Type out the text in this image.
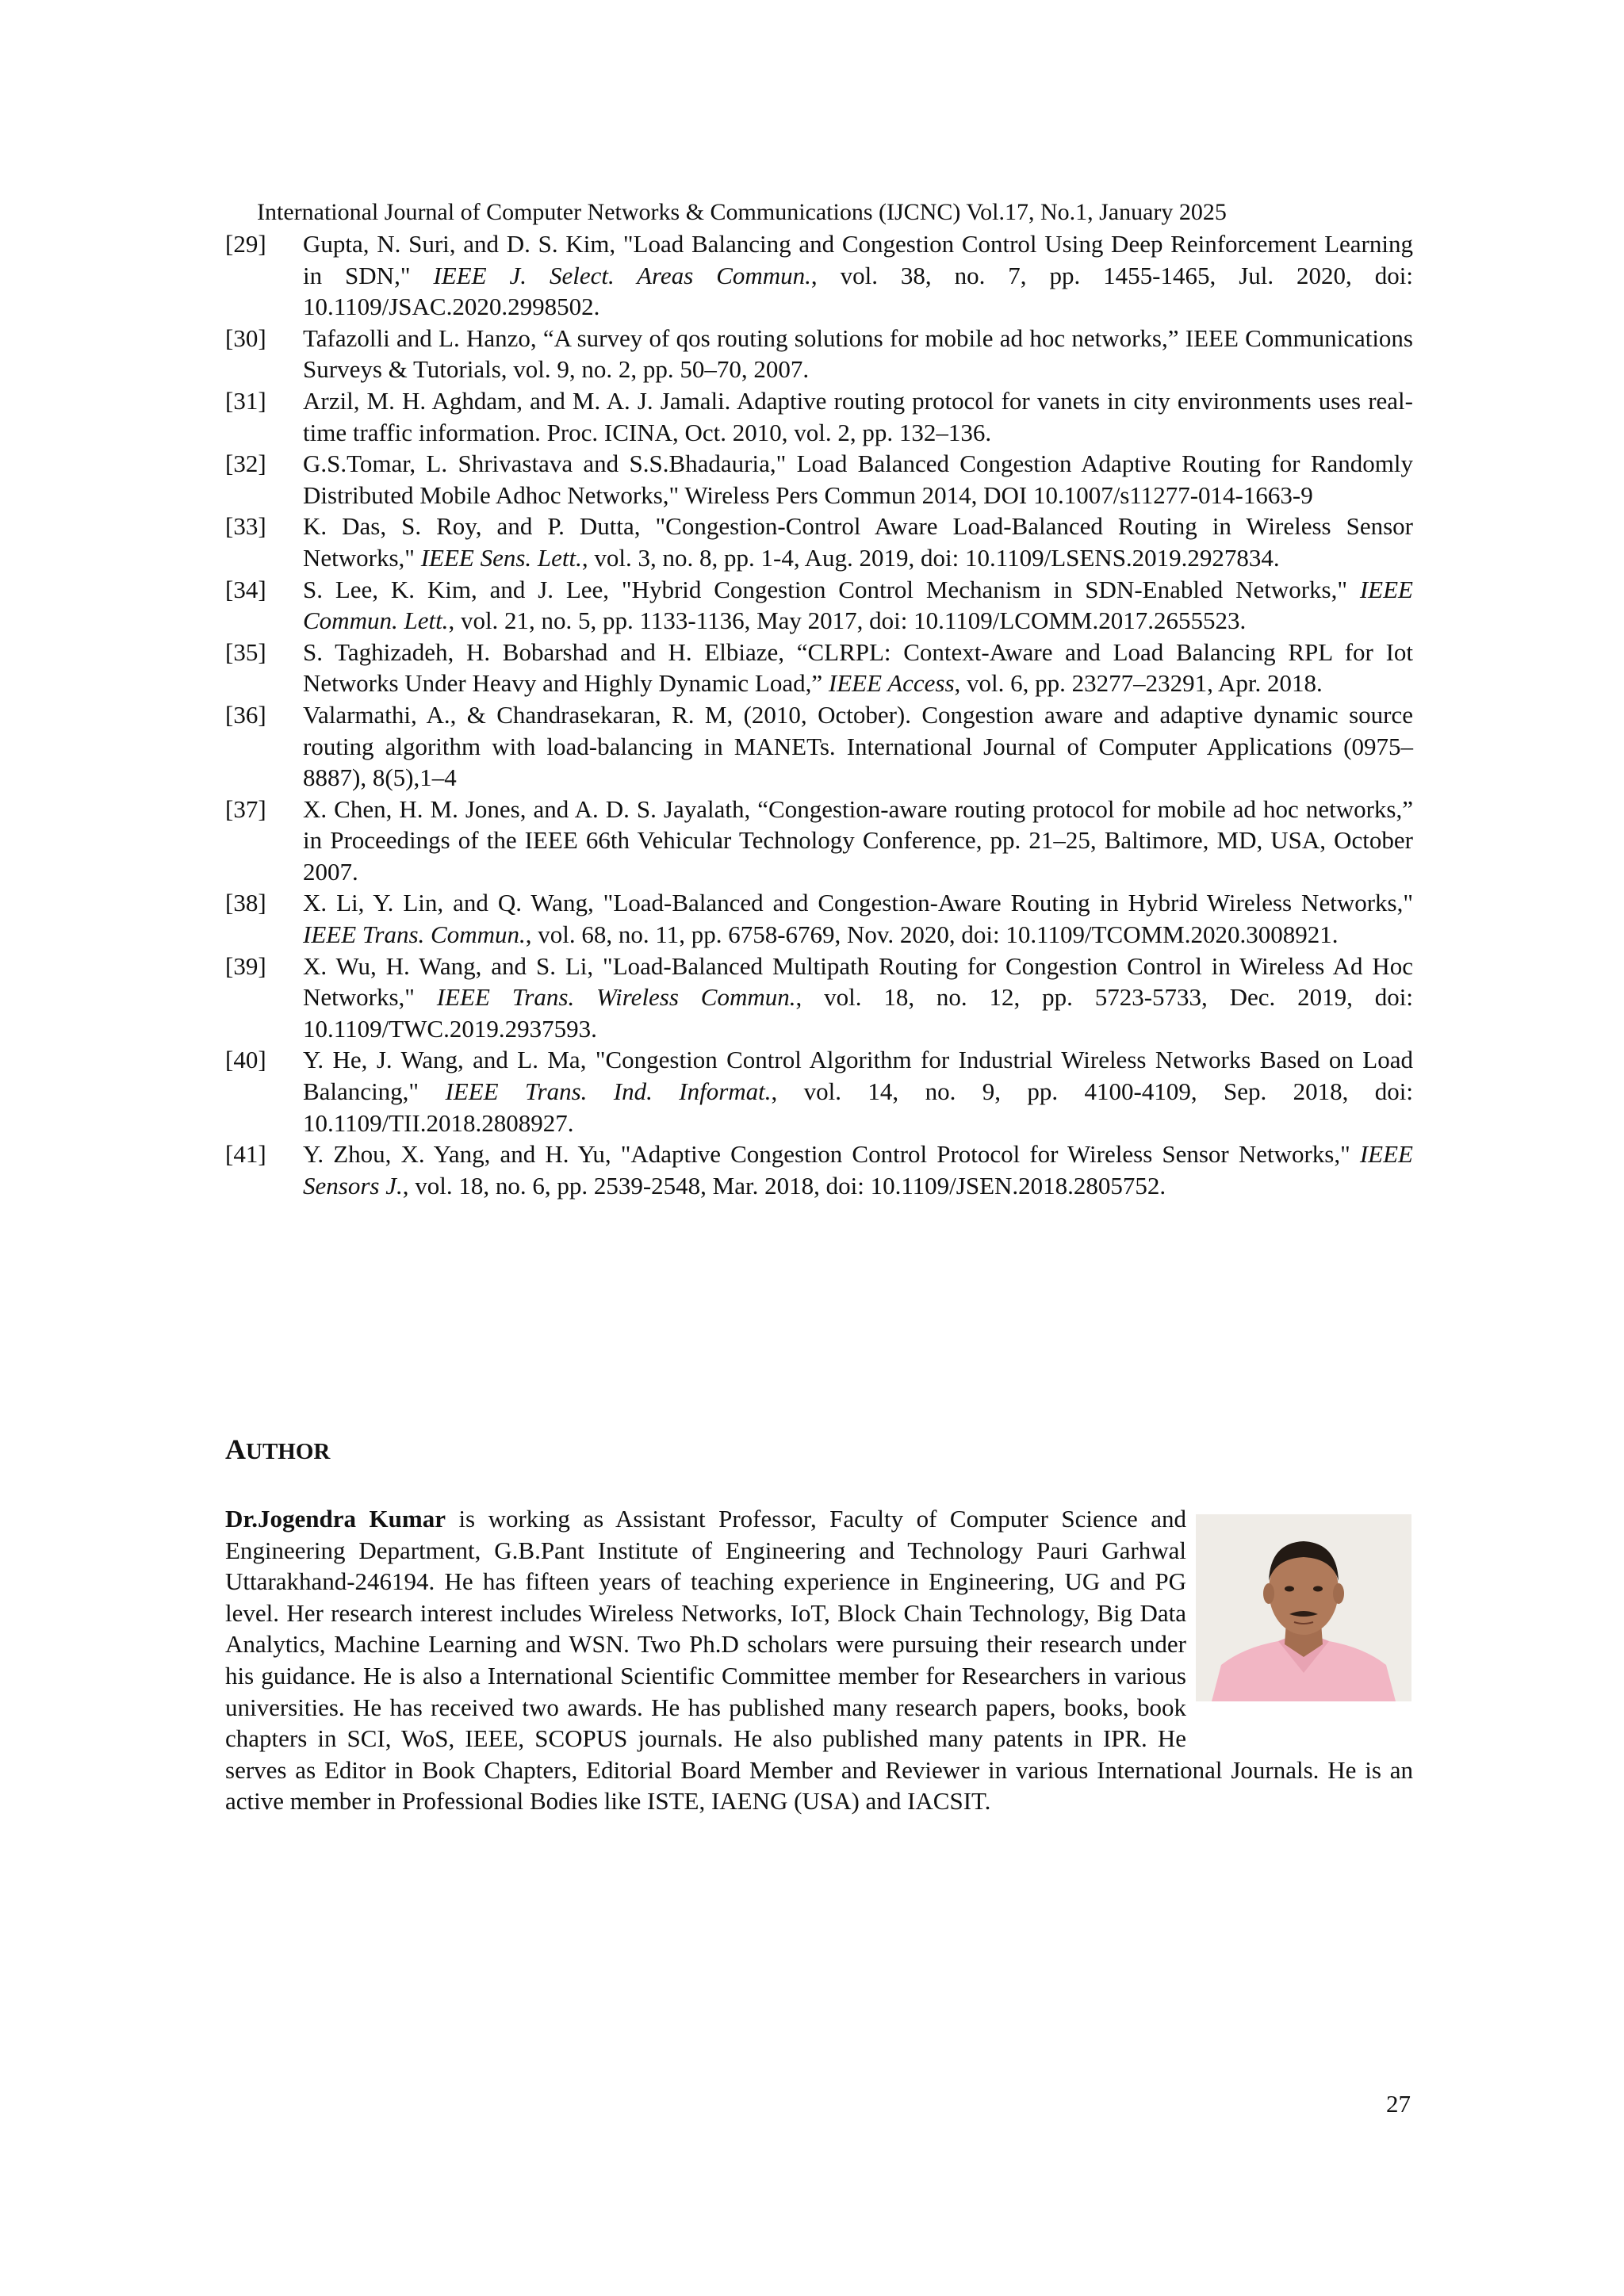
International Journal of Computer Networks & Communications (IJCNC) Vol.17, No.1, January 2025
[29] Gupta, N. Suri, and D. S. Kim, "Load Balancing and Congestion Control Using Deep Reinforcement Learning in SDN," IEEE J. Select. Areas Commun., vol. 38, no. 7, pp. 1455-1465, Jul. 2020, doi: 10.1109/JSAC.2020.2998502.
[30] Tafazolli and L. Hanzo, “A survey of qos routing solutions for mobile ad hoc networks,” IEEE Communications Surveys & Tutorials, vol. 9, no. 2, pp. 50–70, 2007.
[31] Arzil, M. H. Aghdam, and M. A. J. Jamali. Adaptive routing protocol for vanets in city environments uses real-time traffic information. Proc. ICINA, Oct. 2010, vol. 2, pp. 132–136.
[32] G.S.Tomar, L. Shrivastava and S.S.Bhadauria," Load Balanced Congestion Adaptive Routing for Randomly Distributed Mobile Adhoc Networks," Wireless Pers Commun 2014, DOI 10.1007/s11277-014-1663-9
[33] K. Das, S. Roy, and P. Dutta, "Congestion-Control Aware Load-Balanced Routing in Wireless Sensor Networks," IEEE Sens. Lett., vol. 3, no. 8, pp. 1-4, Aug. 2019, doi: 10.1109/LSENS.2019.2927834.
[34] S. Lee, K. Kim, and J. Lee, "Hybrid Congestion Control Mechanism in SDN-Enabled Networks," IEEE Commun. Lett., vol. 21, no. 5, pp. 1133-1136, May 2017, doi: 10.1109/LCOMM.2017.2655523.
[35] S. Taghizadeh, H. Bobarshad and H. Elbiaze, “CLRPL: Context-Aware and Load Balancing RPL for Iot Networks Under Heavy and Highly Dynamic Load,” IEEE Access, vol. 6, pp. 23277–23291, Apr. 2018.
[36] Valarmathi, A., & Chandrasekaran, R. M, (2010, October). Congestion aware and adaptive dynamic source routing algorithm with load-balancing in MANETs. International Journal of Computer Applications (0975–8887), 8(5),1–4
[37] X. Chen, H. M. Jones, and A. D. S. Jayalath, “Congestion-aware routing protocol for mobile ad hoc networks,” in Proceedings of the IEEE 66th Vehicular Technology Conference, pp. 21–25, Baltimore, MD, USA, October 2007.
[38] X. Li, Y. Lin, and Q. Wang, "Load-Balanced and Congestion-Aware Routing in Hybrid Wireless Networks," IEEE Trans. Commun., vol. 68, no. 11, pp. 6758-6769, Nov. 2020, doi: 10.1109/TCOMM.2020.3008921.
[39] X. Wu, H. Wang, and S. Li, "Load-Balanced Multipath Routing for Congestion Control in Wireless Ad Hoc Networks," IEEE Trans. Wireless Commun., vol. 18, no. 12, pp. 5723-5733, Dec. 2019, doi: 10.1109/TWC.2019.2937593.
[40] Y. He, J. Wang, and L. Ma, "Congestion Control Algorithm for Industrial Wireless Networks Based on Load Balancing," IEEE Trans. Ind. Informat., vol. 14, no. 9, pp. 4100-4109, Sep. 2018, doi: 10.1109/TII.2018.2808927.
[41] Y. Zhou, X. Yang, and H. Yu, "Adaptive Congestion Control Protocol for Wireless Sensor Networks," IEEE Sensors J., vol. 18, no. 6, pp. 2539-2548, Mar. 2018, doi: 10.1109/JSEN.2018.2805752.
AUTHOR
Dr.Jogendra Kumar is working as Assistant Professor, Faculty of Computer Science and Engineering Department, G.B.Pant Institute of Engineering and Technology Pauri Garhwal Uttarakhand-246194. He has fifteen years of teaching experience in Engineering, UG and PG level. Her research interest includes Wireless Networks, IoT, Block Chain Technology, Big Data Analytics, Machine Learning and WSN. Two Ph.D scholars were pursuing their research under his guidance. He is also a International Scientific Committee member for Researchers in various universities. He has received two awards. He has published many research papers, books, book chapters in SCI, WoS, IEEE, SCOPUS journals. He also published many patents in IPR. He serves as Editor in Book Chapters, Editorial Board Member and Reviewer in various International Journals. He is an active member in Professional Bodies like ISTE, IAENG (USA) and IACSIT.
27
